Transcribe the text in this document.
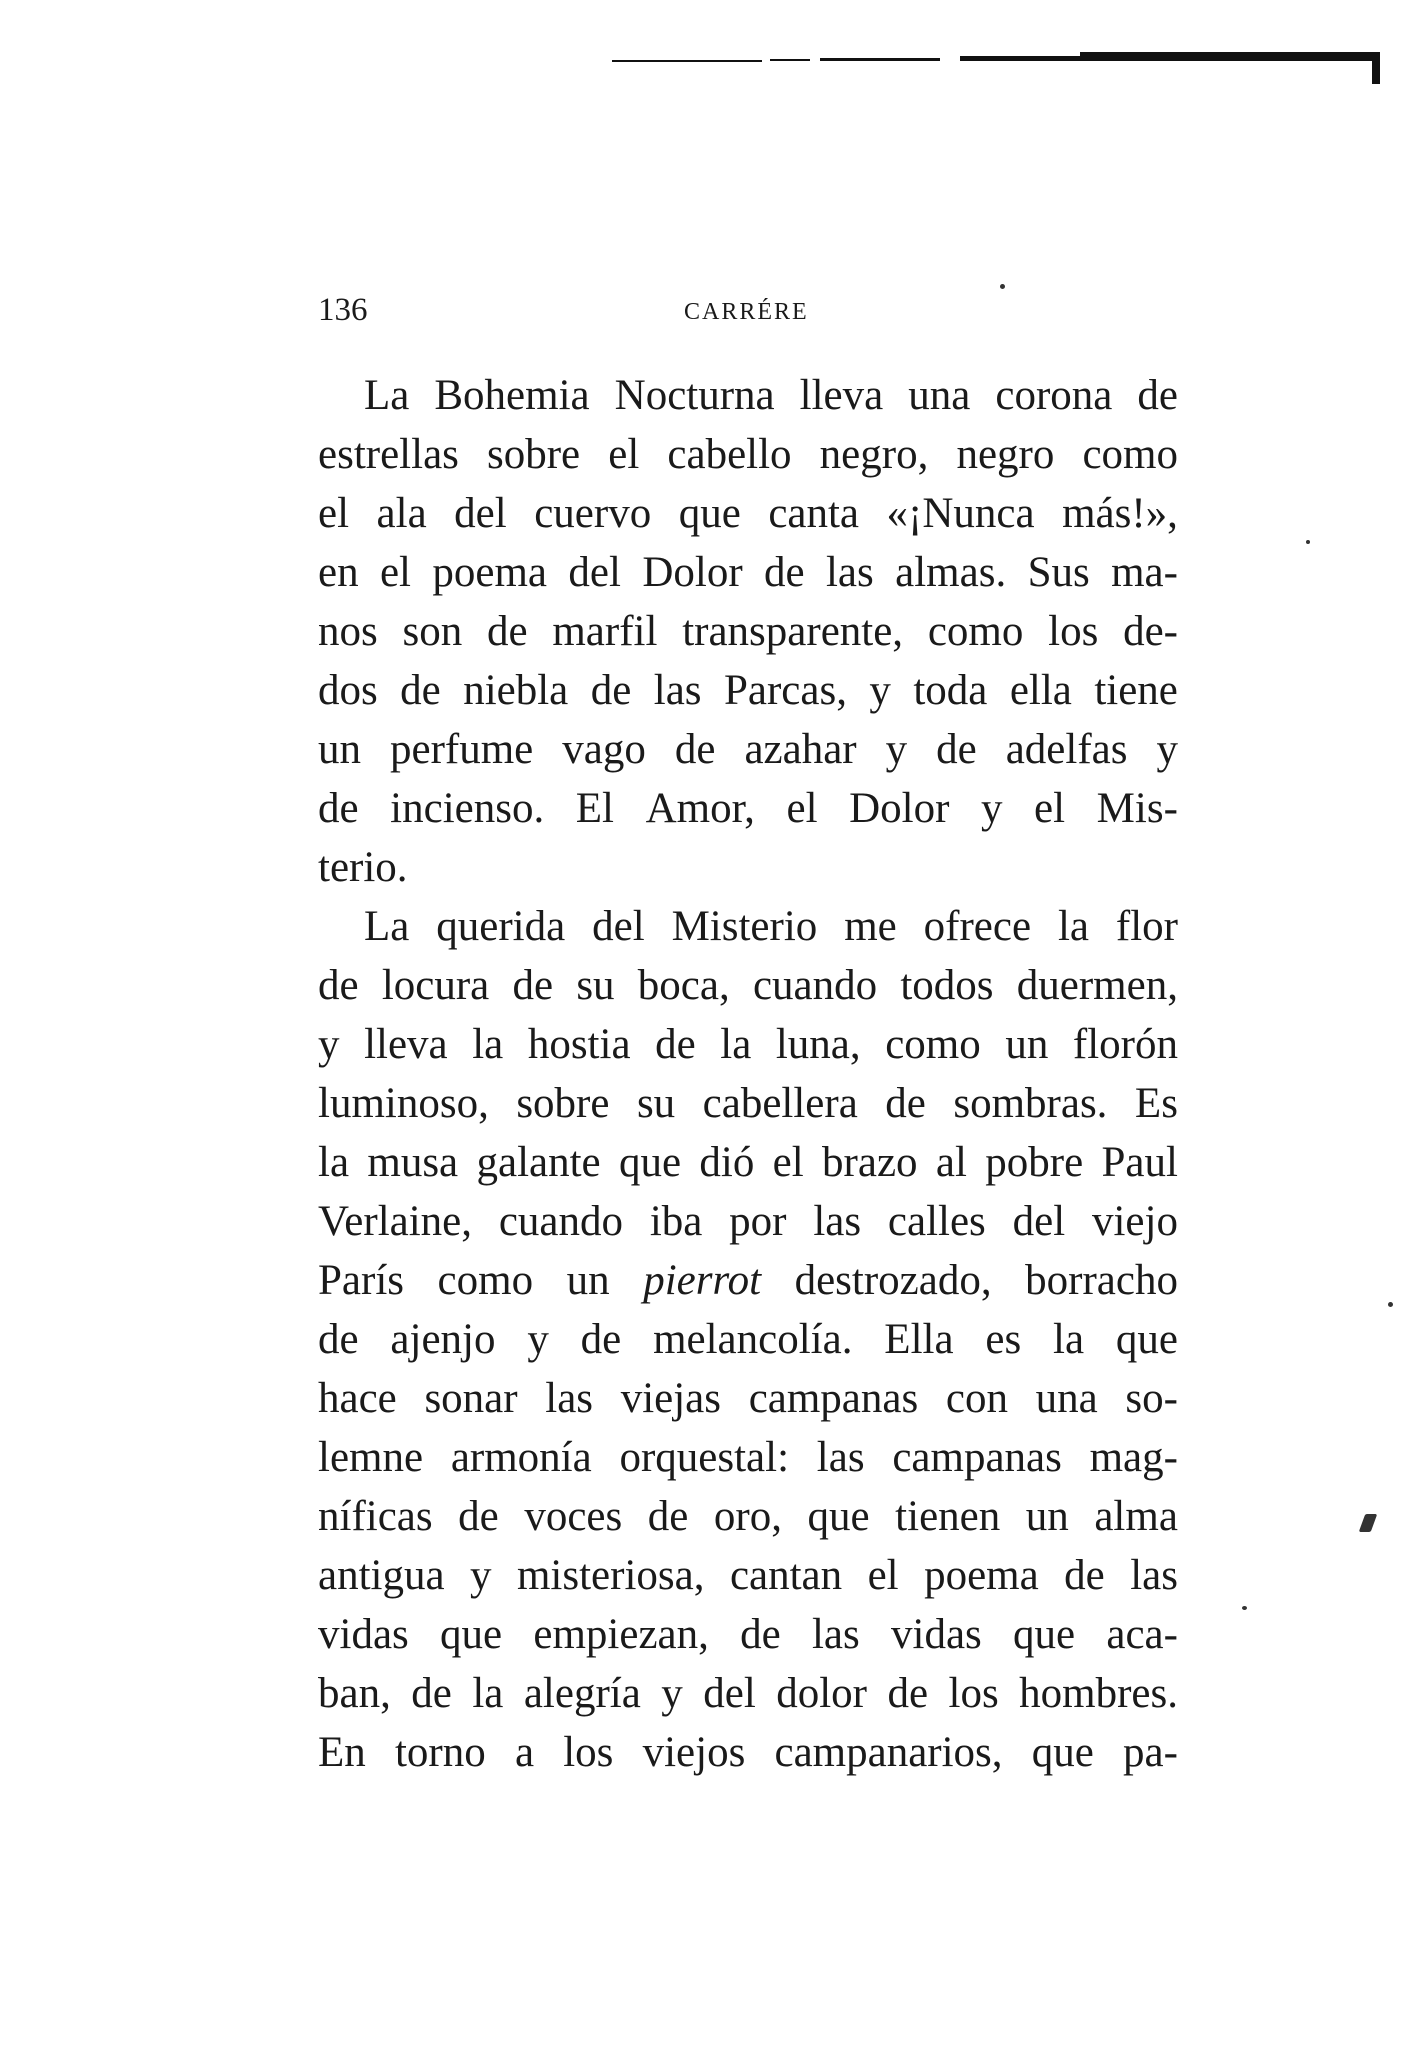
136	CARRÉRE
La Bohemia Nocturna lleva una corona de
estrellas sobre el cabello negro, negro como
el ala del cuervo que canta «¡Nunca más!»,
en el poema del Dolor de las almas. Sus ma-
nos son de marfil transparente, como los de-
dos de niebla de las Parcas, y toda ella tiene
un perfume vago de azahar y de adelfas y
de incienso. El Amor, el Dolor y el Mis-
terio.
La querida del Misterio me ofrece la flor
de locura de su boca, cuando todos duermen,
y lleva la hostia de la luna, como un florón
luminoso, sobre su cabellera de sombras. Es
la musa galante que dió el brazo al pobre Paul
Verlaine, cuando iba por las calles del viejo
París como un pierrot destrozado, borracho
de ajenjo y de melancolía. Ella es la que
hace sonar las viejas campanas con una so-
lemne armonía orquestal: las campanas mag-
níficas de voces de oro, que tienen un alma
antigua y misteriosa, cantan el poema de las
vidas que empiezan, de las vidas que aca-
ban, de la alegría y del dolor de los hombres.
En torno a los viejos campanarios, que pa-
